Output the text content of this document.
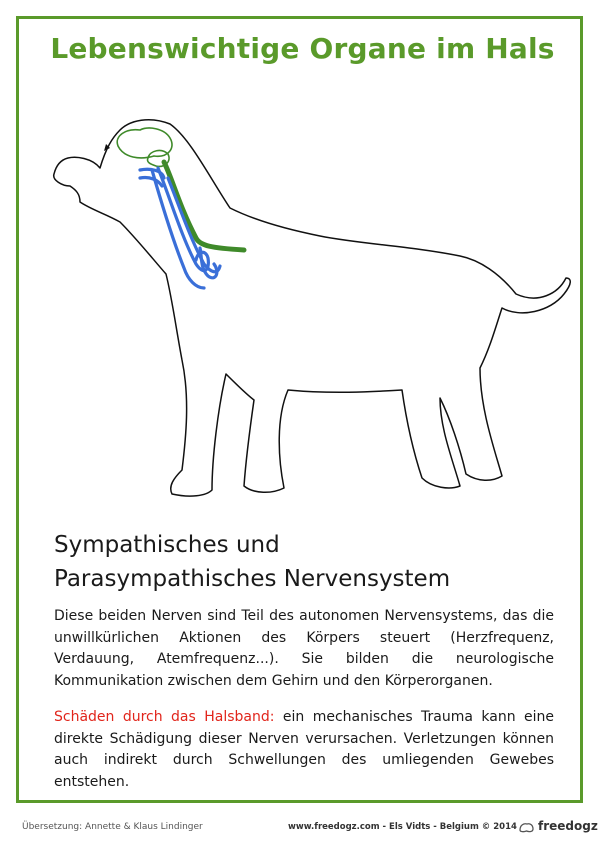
Lebenswichtige Organe im Hals
Sympathisches und
Parasympathisches Nervensystem
Diese beiden Nerven sind Teil des autonomen Nervensystems, das die unwillkürlichen Aktionen des Körpers steuert (Herzfrequenz, Verdauung, Atemfrequenz...). Sie bilden die neurologische Kommunikation zwischen dem Gehirn und den Körperorganen.
Schäden durch das Halsband: ein mechanisches Trauma kann eine direkte Schädigung dieser Nerven verursachen. Verletzungen können auch indirekt durch Schwellungen des umliegenden Gewebes entstehen.
Übersetzung: Annette & Klaus Lindinger	www.freedogz.com - Els Vidts - Belgium © 2014 freedogz
